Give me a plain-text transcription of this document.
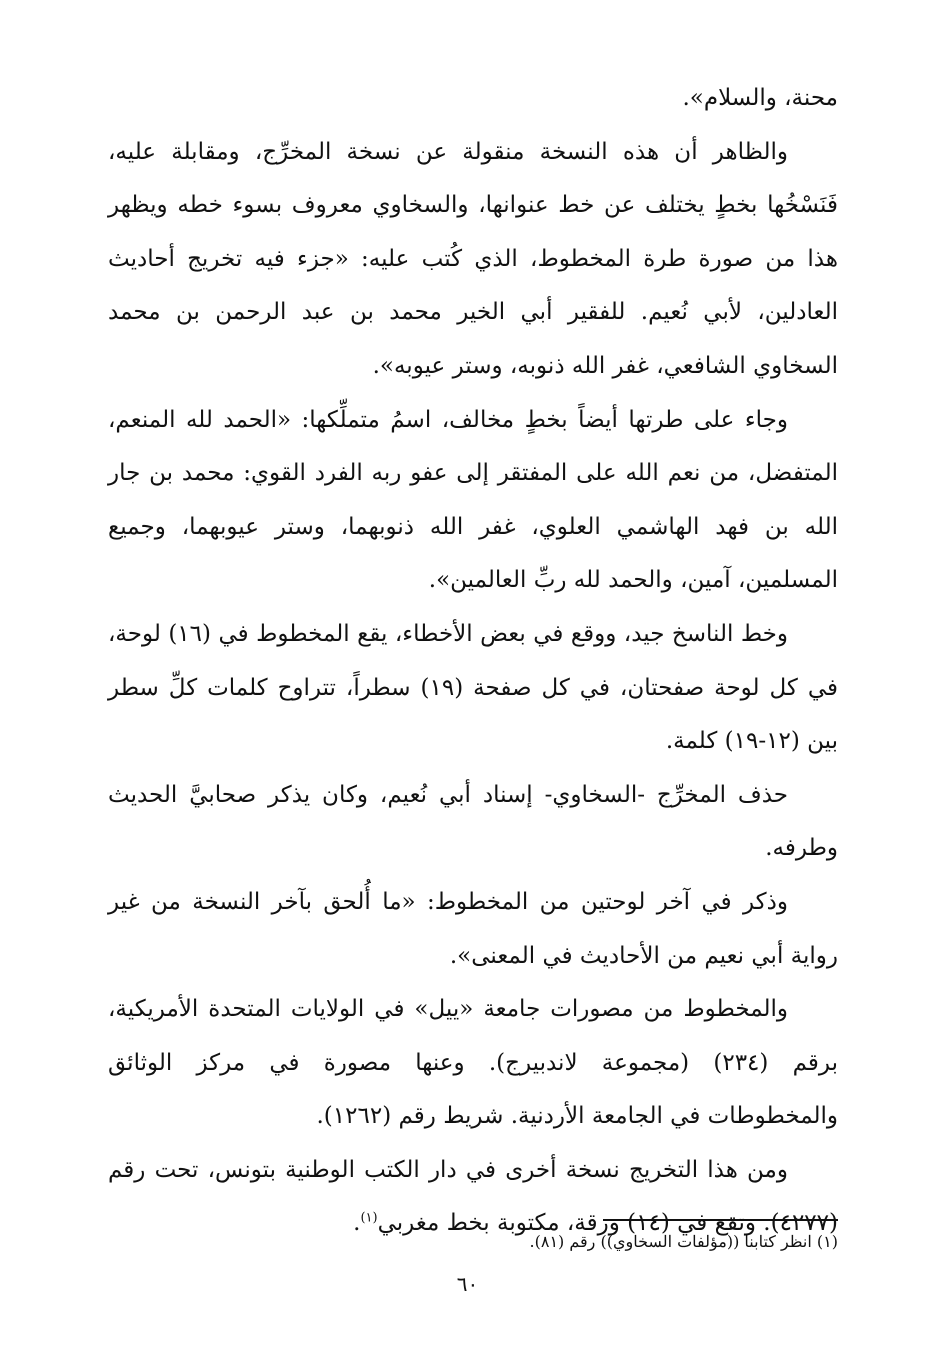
محنة، والسلام».

والظاهر أن هذه النسخة منقولة عن نسخة المخرِّج، ومقابلة عليه، فَنَسْخُها بخطٍ يختلف عن خط عنوانها، والسخاوي معروف بسوء خطه ويظهر هذا من صورة طرة المخطوط، الذي كُتب عليه: «جزء فيه تخريج أحاديث العادلين، لأبي نُعيم. للفقير أبي الخير محمد بن عبد الرحمن بن محمد السخاوي الشافعي، غفر الله ذنوبه، وستر عيوبه».

وجاء على طرتها أيضاً بخطٍ مخالف، اسمُ متملِّكها: «الحمد لله المنعم، المتفضل، من نعم الله على المفتقر إلى عفو ربه الفرد القوي: محمد بن جار الله بن فهد الهاشمي العلوي، غفر الله ذنوبهما، وستر عيوبهما، وجميع المسلمين، آمين، والحمد لله ربِّ العالمين».

وخط الناسخ جيد، ووقع في بعض الأخطاء، يقع المخطوط في (١٦) لوحة، في كل لوحة صفحتان، في كل صفحة (١٩) سطراً، تتراوح كلمات كلِّ سطر بين (١٢-١٩) كلمة.

حذف المخرِّج -السخاوي- إسناد أبي نُعيم، وكان يذكر صحابيَّ الحديث وطرفه.

وذكر في آخر لوحتين من المخطوط: «ما أُلحق بآخر النسخة من غير رواية أبي نعيم من الأحاديث في المعنى».

والمخطوط من مصورات جامعة «ييل» في الولايات المتحدة الأمريكية، برقم (٢٣٤) (مجموعة لاندبيرج). وعنها مصورة في مركز الوثائق والمخطوطات في الجامعة الأردنية. شريط رقم (١٢٦٢).

ومن هذا التخريج نسخة أخرى في دار الكتب الوطنية بتونس، تحت رقم (٤٢٧٧). وتقع في (١٤) ورقة، مكتوبة بخط مغربي$^{(١)}$.

(١) انظر كتابنا ((مؤلفات السخاوي)) رقم (٨١).
٦٠
